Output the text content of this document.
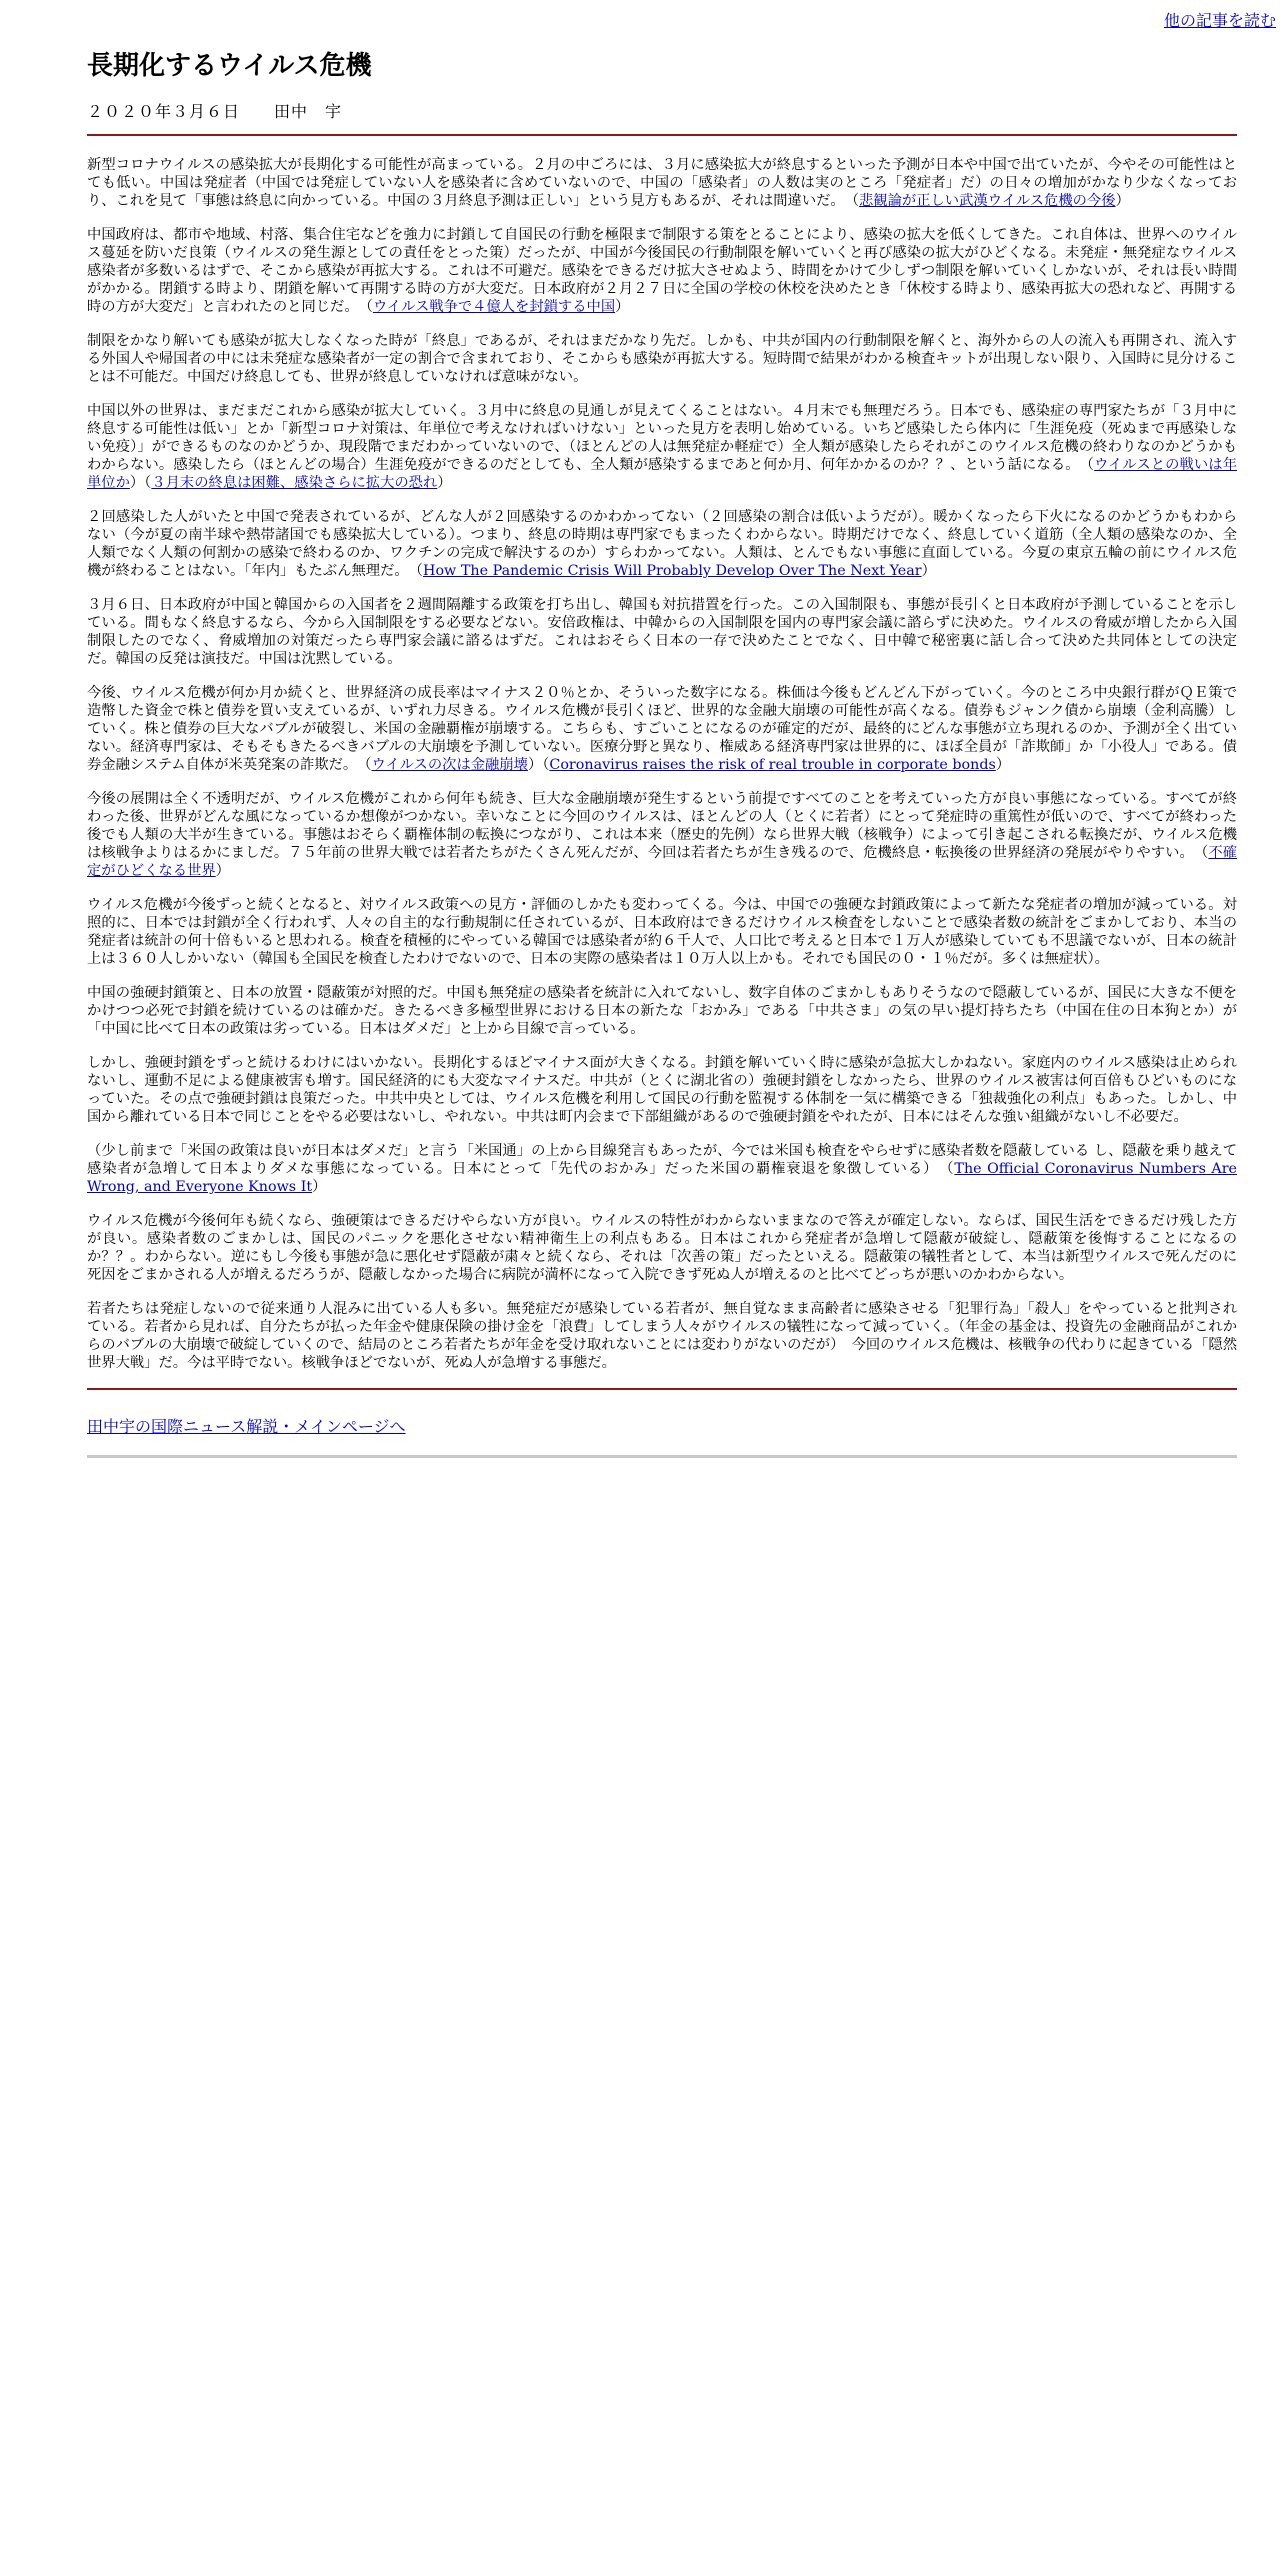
他の記事を読む
長期化するウイルス危機
２０２０年３月６日　　田中　宇
新型コロナウイルスの感染拡大が長期化する可能性が高まっている。２月の中ごろには、３月に感染拡大が終息するといった予測が日本や中国で出ていたが、今やその可能性はとても低い。中国は発症者（中国では発症していない人を感染者に含めていないので、中国の「感染者」の人数は実のところ「発症者」だ）の日々の増加がかなり少なくなっており、これを見て「事態は終息に向かっている。中国の３月終息予測は正しい」という見方もあるが、それは間違いだ。　（悲観論が正しい武漢ウイルス危機の今後）
中国政府は、都市や地域、村落、集合住宅などを強力に封鎖して自国民の行動を極限まで制限する策をとることにより、感染の拡大を低くしてきた。これ自体は、世界へのウイルス蔓延を防いだ良策（ウイルスの発生源としての責任をとった策）だったが、中国が今後国民の行動制限を解いていくと再び感染の拡大がひどくなる。未発症・無発症なウイルス感染者が多数いるはずで、そこから感染が再拡大する。これは不可避だ。感染をできるだけ拡大させぬよう、時間をかけて少しずつ制限を解いていくしかないが、それは長い時間がかかる。閉鎖する時より、閉鎖を解いて再開する時の方が大変だ。日本政府が２月２７日に全国の学校の休校を決めたとき「休校する時より、感染再拡大の恐れなど、再開する時の方が大変だ」と言われたのと同じだ。　（ウイルス戦争で４億人を封鎖する中国）
制限をかなり解いても感染が拡大しなくなった時が「終息」であるが、それはまだかなり先だ。しかも、中共が国内の行動制限を解くと、海外からの人の流入も再開され、流入する外国人や帰国者の中には未発症な感染者が一定の割合で含まれており、そこからも感染が再拡大する。短時間で結果がわかる検査キットが出現しない限り、入国時に見分けることは不可能だ。中国だけ終息しても、世界が終息していなければ意味がない。
中国以外の世界は、まだまだこれから感染が拡大していく。３月中に終息の見通しが見えてくることはない。４月末でも無理だろう。日本でも、感染症の専門家たちが「３月中に終息する可能性は低い」とか「新型コロナ対策は、年単位で考えなければいけない」といった見方を表明し始めている。いちど感染したら体内に「生涯免疫（死ぬまで再感染しない免疫）」ができるものなのかどうか、現段階でまだわかっていないので、（ほとんどの人は無発症か軽症で）全人類が感染したらそれがこのウイルス危機の終わりなのかどうかもわからない。感染したら（ほとんどの場合）生涯免疫ができるのだとしても、全人類が感染するまであと何か月、何年かかるのか？？、という話になる。　（ウイルスとの戦いは年単位か）（３月末の終息は困難、感染さらに拡大の恐れ）
２回感染した人がいたと中国で発表されているが、どんな人が２回感染するのかわかってない（２回感染の割合は低いようだが）。暖かくなったら下火になるのかどうかもわからない（今が夏の南半球や熱帯諸国でも感染拡大している）。つまり、終息の時期は専門家でもまったくわからない。時期だけでなく、終息していく道筋（全人類の感染なのか、全人類でなく人類の何割かの感染で終わるのか、ワクチンの完成で解決するのか）すらわかってない。人類は、とんでもない事態に直面している。今夏の東京五輪の前にウイルス危機が終わることはない。「年内」もたぶん無理だ。　（How The Pandemic Crisis Will Probably Develop Over The Next Year）
３月６日、日本政府が中国と韓国からの入国者を２週間隔離する政策を打ち出し、韓国も対抗措置を行った。この入国制限も、事態が長引くと日本政府が予測していることを示している。間もなく終息するなら、今から入国制限をする必要などない。安倍政権は、中韓からの入国制限を国内の専門家会議に諮らずに決めた。ウイルスの脅威が増したから入国制限したのでなく、脅威増加の対策だったら専門家会議に諮るはずだ。これはおそらく日本の一存で決めたことでなく、日中韓で秘密裏に話し合って決めた共同体としての決定だ。韓国の反発は演技だ。中国は沈黙している。
今後、ウイルス危機が何か月か続くと、世界経済の成長率はマイナス２０％とか、そういった数字になる。株価は今後もどんどん下がっていく。今のところ中央銀行群がＱＥ策で造幣した資金で株と債券を買い支えているが、いずれ力尽きる。ウイルス危機が長引くほど、世界的な金融大崩壊の可能性が高くなる。債券もジャンク債から崩壊（金利高騰）していく。株と債券の巨大なバブルが破裂し、米国の金融覇権が崩壊する。こちらも、すごいことになるのが確定的だが、最終的にどんな事態が立ち現れるのか、予測が全く出ていない。経済専門家は、そもそもきたるべきバブルの大崩壊を予測していない。医療分野と異なり、権威ある経済専門家は世界的に、ほぼ全員が「詐欺師」か「小役人」である。債券金融システム自体が米英発案の詐欺だ。　（ウイルスの次は金融崩壊）（Coronavirus raises the risk of real trouble in corporate bonds）
今後の展開は全く不透明だが、ウイルス危機がこれから何年も続き、巨大な金融崩壊が発生するという前提ですべてのことを考えていった方が良い事態になっている。すべてが終わった後、世界がどんな風になっているか想像がつかない。幸いなことに今回のウイルスは、ほとんどの人（とくに若者）にとって発症時の重篤性が低いので、すべてが終わった後でも人類の大半が生きている。事態はおそらく覇権体制の転換につながり、これは本来（歴史的先例）なら世界大戦（核戦争）によって引き起こされる転換だが、ウイルス危機は核戦争よりはるかにましだ。７５年前の世界大戦では若者たちがたくさん死んだが、今回は若者たちが生き残るので、危機終息・転換後の世界経済の発展がやりやすい。　（不確定がひどくなる世界）
ウイルス危機が今後ずっと続くとなると、対ウイルス政策への見方・評価のしかたも変わってくる。今は、中国での強硬な封鎖政策によって新たな発症者の増加が減っている。対照的に、日本では封鎖が全く行われず、人々の自主的な行動規制に任されているが、日本政府はできるだけウイルス検査をしないことで感染者数の統計をごまかしており、本当の発症者は統計の何十倍もいると思われる。検査を積極的にやっている韓国では感染者が約６千人で、人口比で考えると日本で１万人が感染していても不思議でないが、日本の統計上は３６０人しかいない（韓国も全国民を検査したわけでないので、日本の実際の感染者は１０万人以上かも。それでも国民の０・１％だが。多くは無症状）。
中国の強硬封鎖策と、日本の放置・隠蔽策が対照的だ。中国も無発症の感染者を統計に入れてないし、数字自体のごまかしもありそうなので隠蔽しているが、国民に大きな不便をかけつつ必死で封鎖を続けているのは確かだ。きたるべき多極型世界における日本の新たな「おかみ」である「中共さま」の気の早い提灯持ちたち（中国在住の日本狗とか）が「中国に比べて日本の政策は劣っている。日本はダメだ」と上から目線で言っている。
しかし、強硬封鎖をずっと続けるわけにはいかない。長期化するほどマイナス面が大きくなる。封鎖を解いていく時に感染が急拡大しかねない。家庭内のウイルス感染は止められないし、運動不足による健康被害も増す。国民経済的にも大変なマイナスだ。中共が（とくに湖北省の）強硬封鎖をしなかったら、世界のウイルス被害は何百倍もひどいものになっていた。その点で強硬封鎖は良策だった。中共中央としては、ウイルス危機を利用して国民の行動を監視する体制を一気に構築できる「独裁強化の利点」もあった。しかし、中国から離れている日本で同じことをやる必要はないし、やれない。中共は町内会まで下部組織があるので強硬封鎖をやれたが、日本にはそんな強い組織がないし不必要だ。
（少し前まで「米国の政策は良いが日本はダメだ」と言う「米国通」の上から目線発言もあったが、今では米国も検査をやらせずに感染者数を隠蔽している し、隠蔽を乗り越えて感染者が急増して日本よりダメな事態になっている。日本にとって「先代のおかみ」だった米国の覇権衰退を象徴している）　（The Official Coronavirus Numbers Are Wrong, and Everyone Knows It）
ウイルス危機が今後何年も続くなら、強硬策はできるだけやらない方が良い。ウイルスの特性がわからないままなので答えが確定しない。ならば、国民生活をできるだけ残した方が良い。感染者数のごまかしは、国民のパニックを悪化させない精神衛生上の利点もある。日本はこれから発症者が急増して隠蔽が破綻し、隠蔽策を後悔することになるのか？？。わからない。逆にもし今後も事態が急に悪化せず隠蔽が粛々と続くなら、それは「次善の策」だったといえる。隠蔽策の犠牲者として、本当は新型ウイルスで死んだのに死因をごまかされる人が増えるだろうが、隠蔽しなかった場合に病院が満杯になって入院できず死ぬ人が増えるのと比べてどっちが悪いのかわからない。
若者たちは発症しないので従来通り人混みに出ている人も多い。無発症だが感染している若者が、無自覚なまま高齢者に感染させる「犯罪行為」「殺人」をやっていると批判されている。若者から見れば、自分たちが払った年金や健康保険の掛け金を「浪費」してしまう人々がウイルスの犠牲になって減っていく。（年金の基金は、投資先の金融商品がこれからのバブルの大崩壊で破綻していくので、結局のところ若者たちが年金を受け取れないことには変わりがないのだが）　今回のウイルス危機は、核戦争の代わりに起きている「隠然世界大戦」だ。今は平時でない。核戦争ほどでないが、死ぬ人が急増する事態だ。
田中宇の国際ニュース解説・メインページへ
